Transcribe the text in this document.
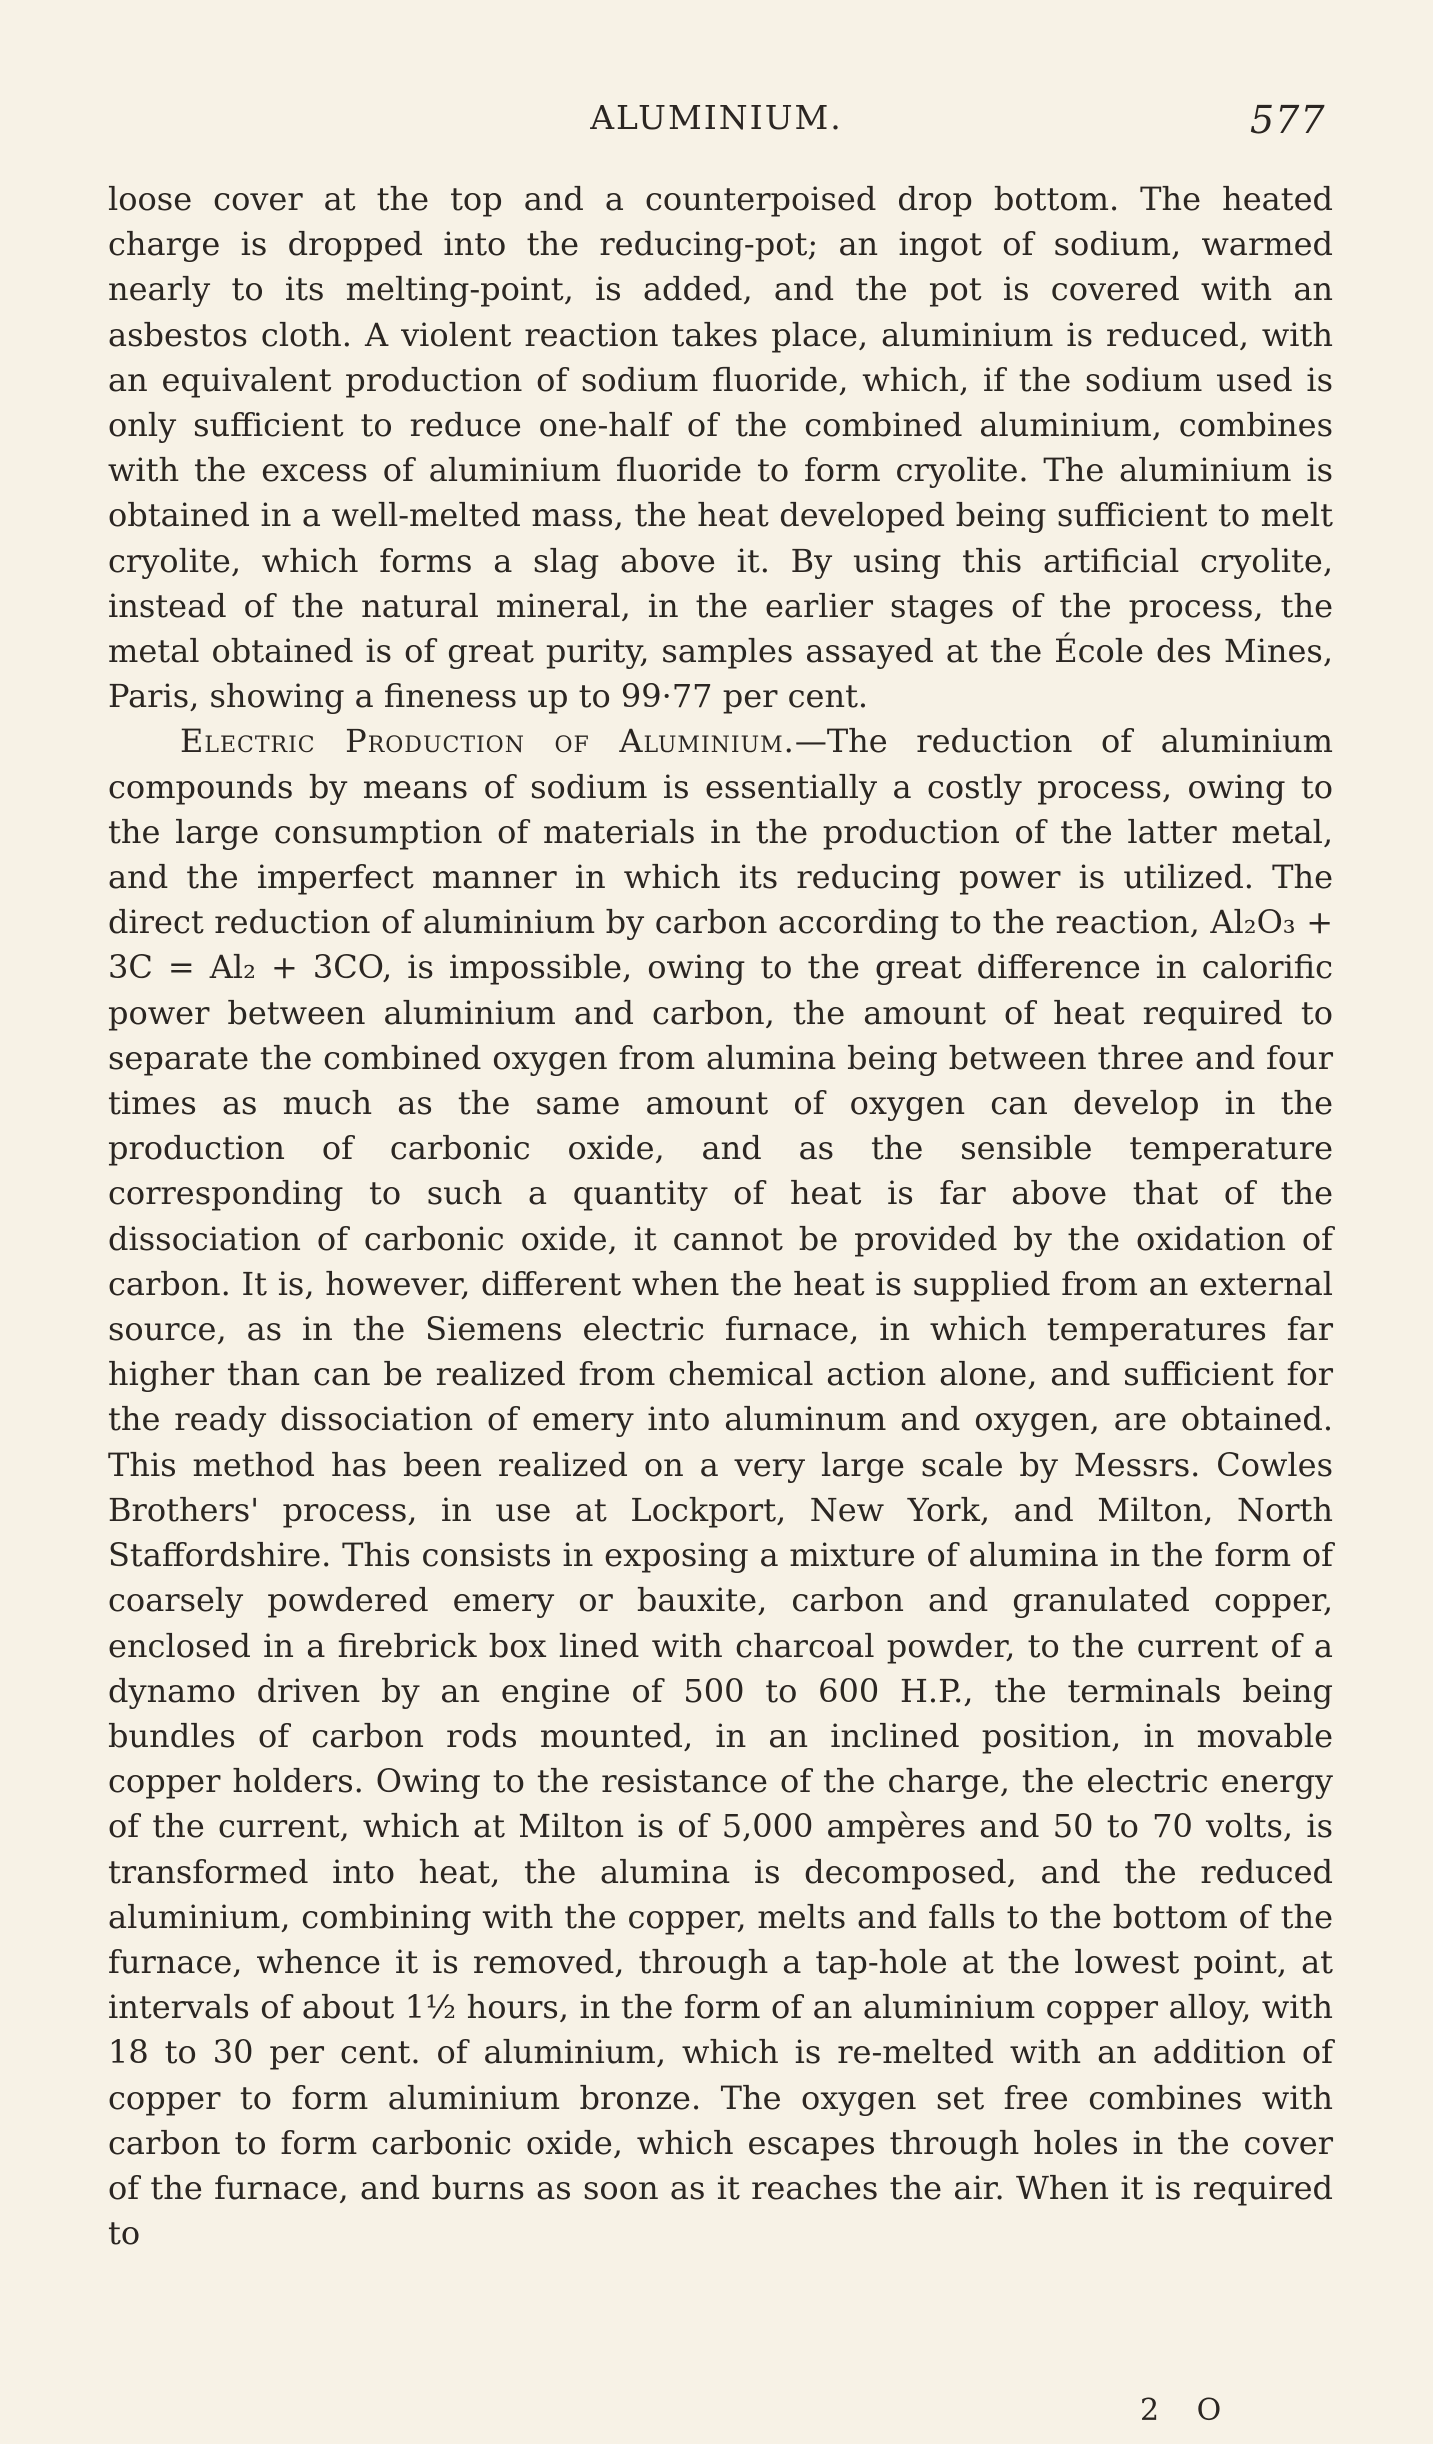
ALUMINIUM.	577

loose cover at the top and a counterpoised drop bottom. The heated charge is dropped into the reducing-pot; an ingot of sodium, warmed nearly to its melting-point, is added, and the pot is covered with an asbestos cloth. A violent reaction takes place, aluminium is reduced, with an equivalent production of sodium fluoride, which, if the sodium used is only sufficient to reduce one-half of the combined aluminium, combines with the excess of aluminium fluoride to form cryolite. The aluminium is obtained in a well-melted mass, the heat developed being sufficient to melt cryolite, which forms a slag above it. By using this artificial cryolite, instead of the natural mineral, in the earlier stages of the process, the metal obtained is of great purity, samples assayed at the École des Mines, Paris, showing a fineness up to 99·77 per cent.

Electric Production of Aluminium.—The reduction of aluminium compounds by means of sodium is essentially a costly process, owing to the large consumption of materials in the production of the latter metal, and the imperfect manner in which its reducing power is utilized. The direct reduction of aluminium by carbon according to the reaction, Al₂O₃ + 3C = Al₂ + 3CO, is impossible, owing to the great difference in calorific power between aluminium and carbon, the amount of heat required to separate the combined oxygen from alumina being between three and four times as much as the same amount of oxygen can develop in the production of carbonic oxide, and as the sensible temperature corresponding to such a quantity of heat is far above that of the dissociation of carbonic oxide, it cannot be provided by the oxidation of carbon. It is, however, different when the heat is supplied from an external source, as in the Siemens electric furnace, in which temperatures far higher than can be realized from chemical action alone, and sufficient for the ready dissociation of emery into aluminum and oxygen, are obtained. This method has been realized on a very large scale by Messrs. Cowles Brothers' process, in use at Lockport, New York, and Milton, North Staffordshire. This consists in exposing a mixture of alumina in the form of coarsely powdered emery or bauxite, carbon and granulated copper, enclosed in a firebrick box lined with charcoal powder, to the current of a dynamo driven by an engine of 500 to 600 H.P., the terminals being bundles of carbon rods mounted, in an inclined position, in movable copper holders. Owing to the resistance of the charge, the electric energy of the current, which at Milton is of 5,000 ampères and 50 to 70 volts, is transformed into heat, the alumina is decomposed, and the reduced aluminium, combining with the copper, melts and falls to the bottom of the furnace, whence it is removed, through a tap-hole at the lowest point, at intervals of about 1½ hours, in the form of an aluminium copper alloy, with 18 to 30 per cent. of aluminium, which is re-melted with an addition of copper to form aluminium bronze. The oxygen set free combines with carbon to form carbonic oxide, which escapes through holes in the cover of the furnace, and burns as soon as it reaches the air. When it is required to

2 O
